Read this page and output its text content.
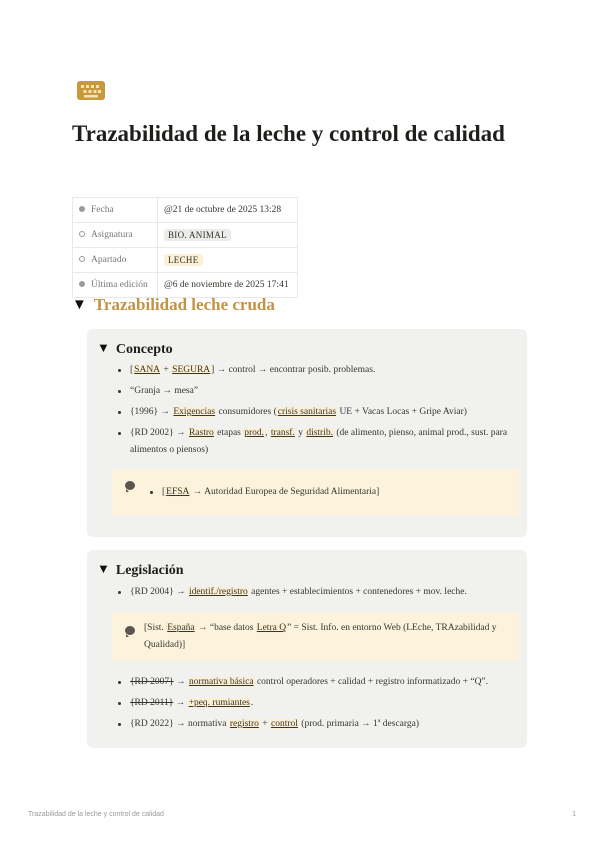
Trazabilidad de la leche y control de calidad
Fecha	@21 de octubre de 2025 13:28
Asignatura	BIO. ANIMAL
Apartado	LECHE
Última edición	@6 de noviembre de 2025 17:41
▼ Trazabilidad leche cruda
▼ Concepto

[SANA + SEGURA] → control → encontrar posib. problemas.

“Granja → mesa”

{1996} → Exigencias consumidores (crisis sanitarias UE + Vacas Locas + Gripe Aviar)

{RD 2002} → Rastro etapas prod., transf. y distrib. (de alimento, pienso, animal prod., sust. para alimentos o piensos)

[EFSA → Autoridad Europea de Seguridad Alimentaria]

▼ Legislación

{RD 2004} → identif./registro agentes + establecimientos + contenedores + mov. leche.

[Sist. España → “base datos Letra Q” = Sist. Info. en entorno Web (LEche, TRAzabilidad y Qualidad)]

{RD 2007} → normativa básica control operadores + calidad + registro informatizado + “Q”.

{RD 2011} → +peq. rumiantes.

{RD 2022} → normativa registro + control (prod. primaria → 1ª descarga)

Trazabilidad de la leche y control de calidad	1
